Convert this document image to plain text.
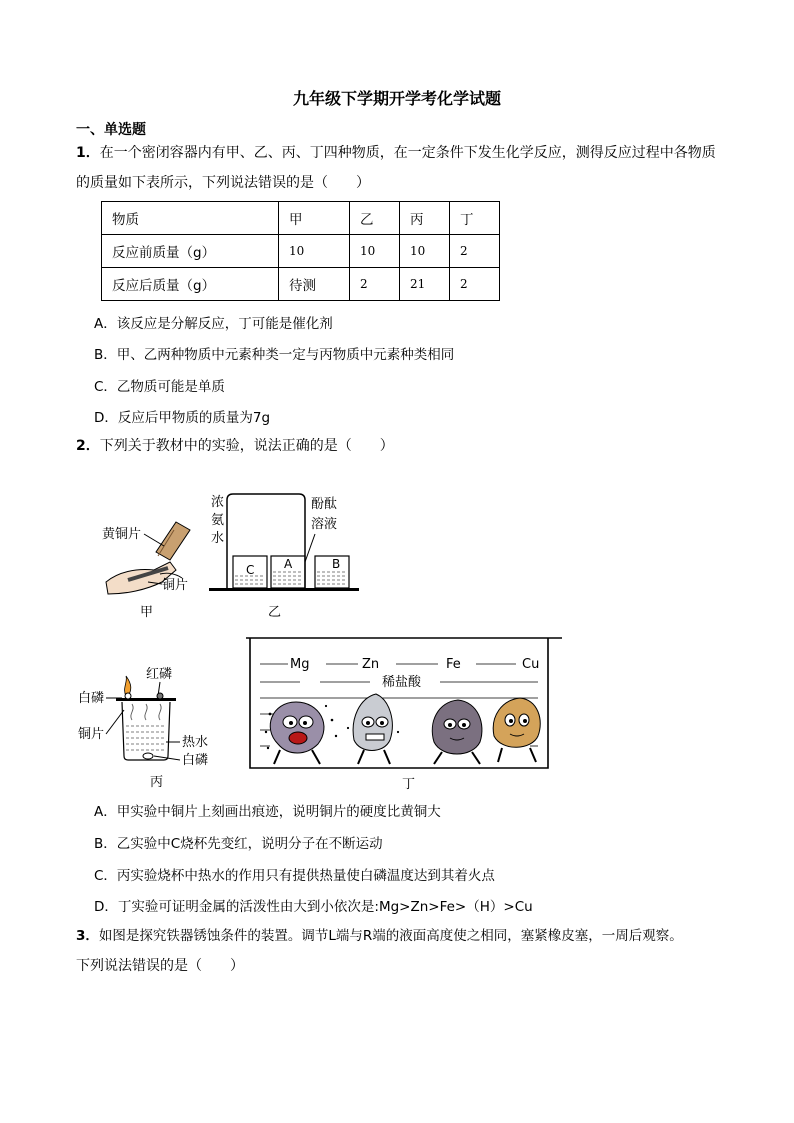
九年级下学期开学考化学试题
一、单选题
1．在一个密闭容器内有甲、乙、丙、丁四种物质，在一定条件下发生化学反应，测得反应过程中各物质
的质量如下表所示，下列说法错误的是（　　）
物质	甲	乙	丙	丁
反应前质量（g）	10	10	10	2
反应后质量（g）	待测	2	21	2
A．该反应是分解反应，丁可能是催化剂
B．甲、乙两种物质中元素种类一定与丙物质中元素种类相同
C．乙物质可能是单质
D．反应后甲物质的质量为7g
2．下列关于教材中的实验，说法正确的是（　　）
黄铜片
铜片
甲
浓
氨
水
C A	B
酚酞
溶液
乙
红磷
白磷
铜片
热水
白磷
丙
Mg	Zn	Fe	Cu
稀盐酸
丁
A．甲实验中铜片上刻画出痕迹，说明铜片的硬度比黄铜大
B．乙实验中C烧杯先变红，说明分子在不断运动
C．丙实验烧杯中热水的作用只有提供热量使白磷温度达到其着火点
D．丁实验可证明金属的活泼性由大到小依次是:Mg>Zn>Fe>（H）>Cu
3．如图是探究铁器锈蚀条件的装置。调节L端与R端的液面高度使之相同，塞紧橡皮塞，一周后观察。
下列说法错误的是（　　）
